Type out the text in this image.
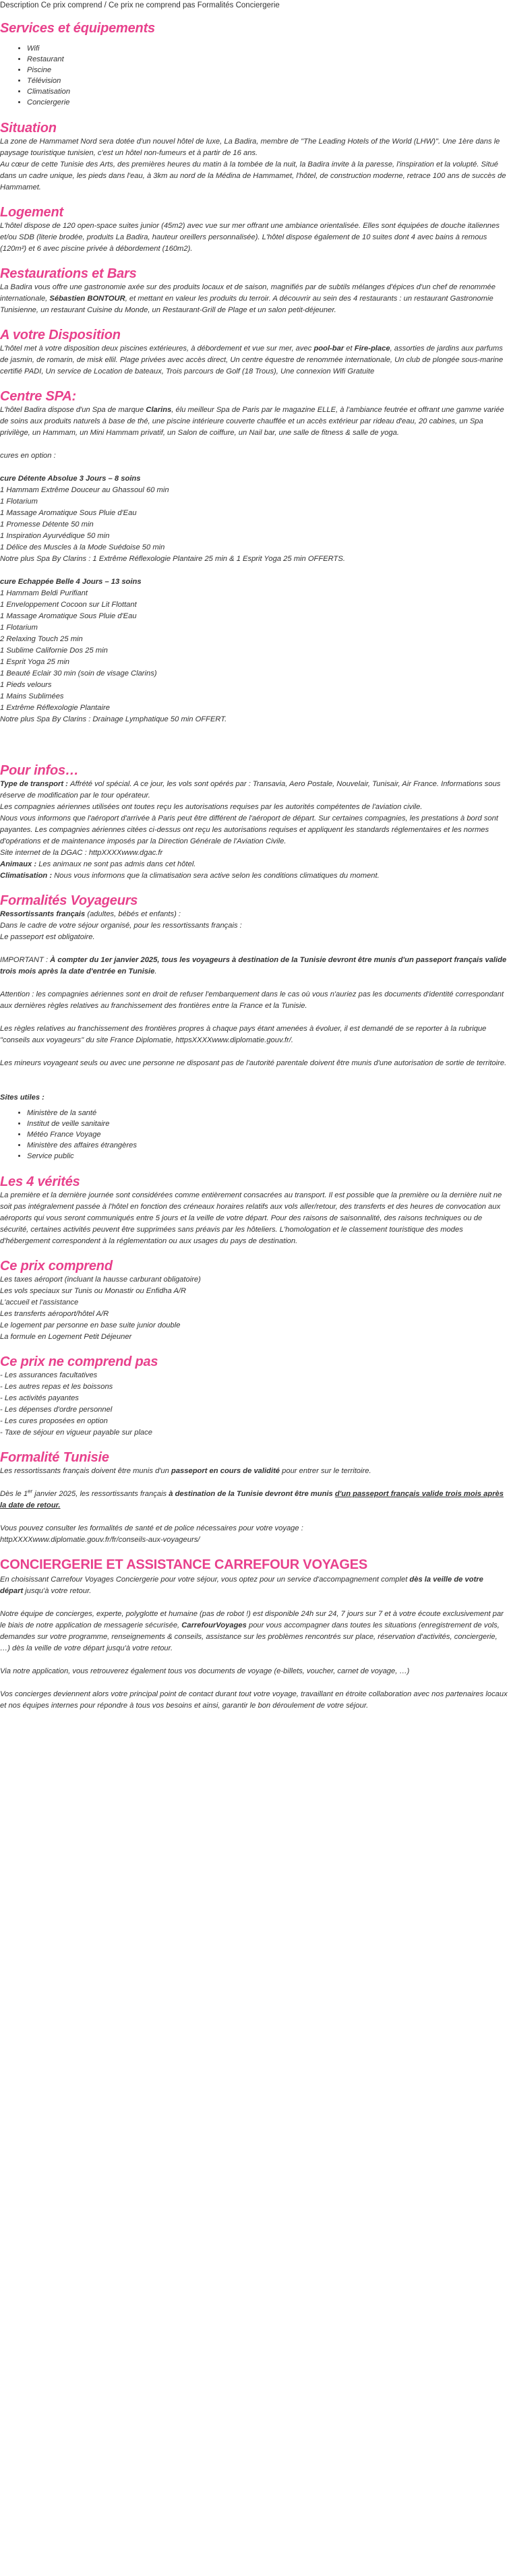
Description Ce prix comprend / Ce prix ne comprend pas Formalités Conciergerie
Services et équipements
• Wifi
• Restaurant
• Piscine
• Télévision
• Climatisation
• Conciergerie
Situation

La zone de Hammamet Nord sera dotée d'un nouvel hôtel de luxe, La Badira, membre de "The Leading Hotels of the World (LHW)". Une 1ère dans le paysage touristique tunisien, c'est un hôtel non-fumeurs et à partir de 16 ans.

Au cœur de cette Tunisie des Arts, des premières heures du matin à la tombée de la nuit, la Badira invite à la paresse, l'inspiration et la volupté. Situé dans un cadre unique, les pieds dans l'eau, à 3km au nord de la Médina de Hammamet, l'hôtel, de construction moderne, retrace 100 ans de succès de Hammamet.

Logement

L'hôtel dispose de 120 open-space suites junior (45m2) avec vue sur mer offrant une ambiance orientalisée. Elles sont équipées de douche italiennes et/ou SDB (literie brodée, produits La Badira, hauteur oreillers personnalisée). L'hôtel dispose également de 10 suites dont 4 avec bains à remous (120m²) et 6 avec piscine privée à débordement (160m2).

Restaurations et Bars

La Badira vous offre une gastronomie axée sur des produits locaux et de saison, magnifiés par de subtils mélanges d'épices d'un chef de renommée internationale, Sébastien BONTOUR, et mettant en valeur les produits du terroir. A découvrir au sein des 4 restaurants : un restaurant Gastronomie Tunisienne, un restaurant Cuisine du Monde, un Restaurant-Grill de Plage et un salon petit-déjeuner.

A votre Disposition

L'hôtel met à votre disposition deux piscines extérieures, à débordement et vue sur mer, avec pool-bar et Fire-place, assorties de jardins aux parfums de jasmin, de romarin, de misk ellil. Plage privées avec accès direct, Un centre équestre de renommée internationale, Un club de plongée sous-marine certifié PADI, Un service de Location de bateaux, Trois parcours de Golf (18 Trous), Une connexion Wifi Gratuite

Centre SPA:

L'hôtel Badira dispose d'un Spa de marque Clarins, élu meilleur Spa de Paris par le magazine ELLE, à l'ambiance feutrée et offrant une gamme variée de soins aux produits naturels à base de thé, une piscine intérieure couverte chauffée et un accès extérieur par rideau d'eau, 20 cabines, un Spa privilège, un Hammam, un Mini Hammam privatif, un Salon de coiffure, un Nail bar, une salle de fitness & salle de yoga.

cures en option :

cure Détente Absolue 3 Jours – 8 soins

1 Hammam Extrême Douceur au Ghassoul 60 min

1 Flotarium

1 Massage Aromatique Sous Pluie d'Eau

1 Promesse Détente 50 min

1 Inspiration Ayurvédique 50 min

1 Délice des Muscles à la Mode Suédoise 50 min

Notre plus Spa By Clarins : 1 Extrême Réflexologie Plantaire 25 min & 1 Esprit Yoga 25 min OFFERTS.

cure Echappée Belle 4 Jours – 13 soins

1 Hammam Beldi Purifiant

1 Enveloppement Cocoon sur Lit Flottant

1 Massage Aromatique Sous Pluie d'Eau

1 Flotarium

2 Relaxing Touch 25 min

1 Sublime Californie Dos 25 min

1 Esprit Yoga 25 min

1 Beauté Eclair 30 min (soin de visage Clarins)

1 Pieds velours

1 Mains Sublimées

1 Extrême Réflexologie Plantaire

Notre plus Spa By Clarins : Drainage Lymphatique 50 min OFFERT.

Pour infos…

Type de transport : Affrété vol spécial. A ce jour, les vols sont opérés par : Transavia, Aero Postale, Nouvelair, Tunisair, Air France. Informations sous réserve de modification par le tour opérateur.

Les compagnies aériennes utilisées ont toutes reçu les autorisations requises par les autorités compétentes de l'aviation civile.

Nous vous informons que l'aéroport d'arrivée à Paris peut être différent de l'aéroport de départ. Sur certaines compagnies, les prestations à bord sont payantes. Les compagnies aériennes citées ci-dessus ont reçu les autorisations requises et appliquent les standards réglementaires et les normes d'opérations et de maintenance imposés par la Direction Générale de l'Aviation Civile.

Site internet de la DGAC : httpXXXXwww.dgac.fr

Animaux : Les animaux ne sont pas admis dans cet hôtel.

Climatisation : Nous vous informons que la climatisation sera active selon les conditions climatiques du moment.

Formalités Voyageurs

Ressortissants français (adultes, bébés et enfants) :

Dans le cadre de votre séjour organisé, pour les ressortissants français :

Le passeport est obligatoire.

IMPORTANT : À compter du 1er janvier 2025, tous les voyageurs à destination de la Tunisie devront être munis d'un passeport français valide trois mois après la date d'entrée en Tunisie.

Attention : les compagnies aériennes sont en droit de refuser l'embarquement dans le cas où vous n'auriez pas les documents d'identité correspondant aux dernières règles relatives au franchissement des frontières entre la France et la Tunisie.

Les règles relatives au franchissement des frontières propres à chaque pays étant amenées à évoluer, il est demandé de se reporter à la rubrique "conseils aux voyageurs" du site France Diplomatie, httpsXXXXwww.diplomatie.gouv.fr/.

Les mineurs voyageant seuls ou avec une personne ne disposant pas de l'autorité parentale doivent être munis d'une autorisation de sortie de territoire.

Sites utiles :

• Ministère de la santé
• Institut de veille sanitaire
• Météo France Voyage
• Ministère des affaires étrangères
• Service public
Les 4 vérités

La première et la dernière journée sont considérées comme entièrement consacrées au transport. Il est possible que la première ou la dernière nuit ne soit pas intégralement passée à l'hôtel en fonction des créneaux horaires relatifs aux vols aller/retour, des transferts et des heures de convocation aux aéroports qui vous seront communiqués entre 5 jours et la veille de votre départ. Pour des raisons de saisonnalité, des raisons techniques ou de sécurité, certaines activités peuvent être supprimées sans préavis par les hôteliers. L'homologation et le classement touristique des modes d'hébergement correspondent à la réglementation ou aux usages du pays de destination.

Ce prix comprend

Les taxes aéroport (incluant la hausse carburant obligatoire)

Les vols speciaux sur Tunis ou Monastir ou Enfidha A/R

L'accueil et l'assistance

Les transferts aéroport/hôtel A/R

Le logement par personne en base suite junior double

La formule en Logement Petit Déjeuner

Ce prix ne comprend pas

- Les assurances facultatives

- Les autres repas et les boissons

- Les activités payantes

- Les dépenses d'ordre personnel

- Les cures proposées en option

- Taxe de séjour en vigueur payable sur place

Formalité Tunisie

Les ressortissants français doivent être munis d'un passeport en cours de validité pour entrer sur le territoire.

Dès le 1er janvier 2025, les ressortissants français à destination de la Tunisie devront être munis d'un passeport français valide trois mois après la date de retour.

Vous pouvez consulter les formalités de santé et de police nécessaires pour votre voyage :

httpXXXXwww.diplomatie.gouv.fr/fr/conseils-aux-voyageurs/

CONCIERGERIE ET ASSISTANCE CARREFOUR VOYAGES

En choisissant Carrefour Voyages Conciergerie pour votre séjour, vous optez pour un service d'accompagnement complet dès la veille de votre départ jusqu'à votre retour.

Notre équipe de concierges, experte, polyglotte et humaine (pas de robot !) est disponible 24h sur 24, 7 jours sur 7 et à votre écoute exclusivement par le biais de notre application de messagerie sécurisée, CarrefourVoyages pour vous accompagner dans toutes les situations (enregistrement de vols, demandes sur votre programme, renseignements & conseils, assistance sur les problèmes rencontrés sur place, réservation d'activités, conciergerie, …) dès la veille de votre départ jusqu'à votre retour.

Via notre application, vous retrouverez également tous vos documents de voyage (e-billets, voucher, carnet de voyage, …)

Vos concierges deviennent alors votre principal point de contact durant tout votre voyage, travaillant en étroite collaboration avec nos partenaires locaux et nos équipes internes pour répondre à tous vos besoins et ainsi, garantir le bon déroulement de votre séjour.
